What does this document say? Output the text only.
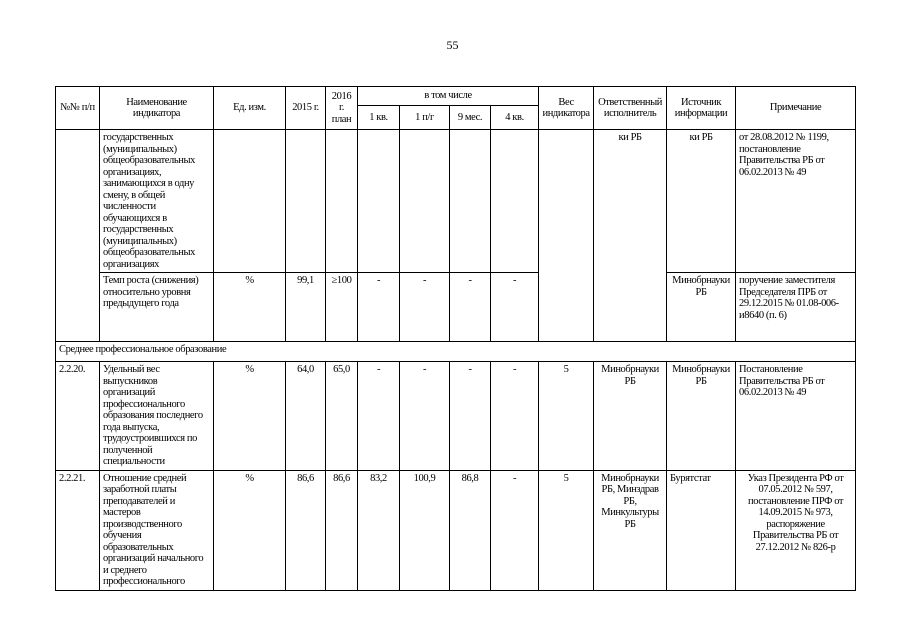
55
№№ п/п	Наименование индикатора	Ед. изм.	2015 г.	2016 г. план	в том числе				Вес индикатора	Ответственный исполнитель	Источник информации	Примечание
					1 кв.	1 п/г	9 мес.	4 кв.				
	государственных (муниципальных) общеобразовательных организациях, занимающихся в одну смену, в общей численности обучающихся в государственных (муниципальных) общеобразовательных организациях									ки РБ	ки РБ	от 28.08.2012 № 1199, постановление Правительства РБ от 06.02.2013 № 49
	Темп роста (снижения) относительно уровня предыдущего года	%	99,1	≥100	-	-	-	-			Минобрнауки РБ	поручение заместителя Председателя ПРБ от 29.12.2015 № 01.08-006-и8640 (п. 6)
Среднее профессиональное образование												
2.2.20.	Удельный вес выпускников организаций профессионального образования последнего года выпуска, трудоустроившихся по полученной специальности	%	64,0	65,0	-	-	-	-	5	Минобрнауки РБ	Минобрнауки РБ	Постановление Правительства РБ от 06.02.2013 № 49
2.2.21.	Отношение средней заработной платы преподавателей и мастеров производственного обучения образовательных организаций начального и среднего профессионального	%	86,6	86,6	83,2	100,9	86,8	-	5	Минобрнауки РБ, Минздрав РБ, Минкультуры РБ	Бурятстат	Указ Президента РФ от 07.05.2012 № 597, постановление ПРФ от 14.09.2015 № 973, распоряжение Правительства РБ от 27.12.2012 № 826-р
